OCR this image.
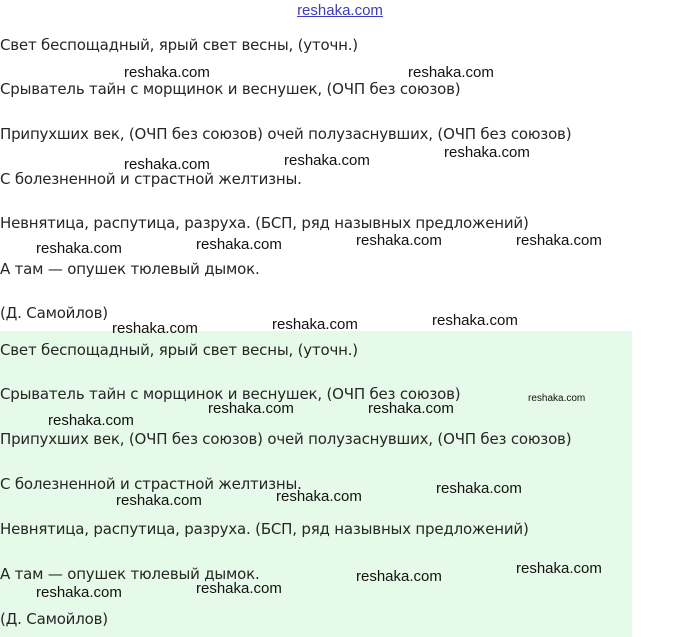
reshaka.com
Свет беспощадный, ярый свет весны, (уточн.)
Срыватель тайн с морщинок и веснушек, (ОЧП без союзов)
Припухших век, (ОЧП без союзов) очей полузаснувших, (ОЧП без союзов)
С болезненной и страстной желтизны.
Невнятица, распутица, разруха. (БСП, ряд назывных предложений)
А там — опушек тюлевый дымок.
(Д. Самойлов)
Свет беспощадный, ярый свет весны, (уточн.)
Срыватель тайн с морщинок и веснушек, (ОЧП без союзов)
Припухших век, (ОЧП без союзов) очей полузаснувших, (ОЧП без союзов)
С болезненной и страстной желтизны.
Невнятица, распутица, разруха. (БСП, ряд назывных предложений)
А там — опушек тюлевый дымок.
(Д. Самойлов)
reshaka.com	reshaka.com
reshaka.com	reshaka.com	reshaka.com
reshaka.com	reshaka.com	reshaka.com	reshaka.com
reshaka.com	reshaka.com	reshaka.com
reshaka.com
reshaka.com
reshaka.com	reshaka.com
reshaka.com	reshaka.com	reshaka.com
reshaka.com	reshaka.com
reshaka.com	reshaka.com
